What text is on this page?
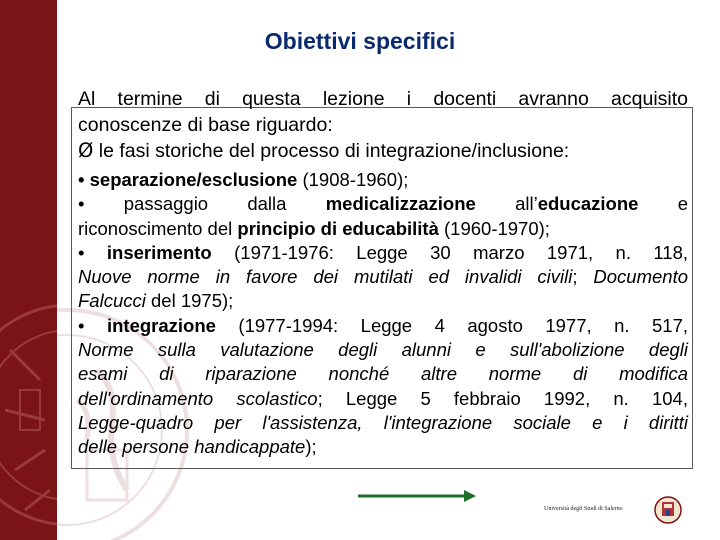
Obiettivi specifici
Al termine di questa lezione i docenti avranno acquisito
conoscenze di base riguardo:
Ø le fasi storiche del processo di integrazione/inclusione:
• separazione/esclusione (1908-1960);
• passaggio dalla medicalizzazione all’educazione e
riconoscimento del principio di educabilità (1960-1970);
• inserimento (1971-1976: Legge 30 marzo 1971, n. 118,
Nuove norme in favore dei mutilati ed invalidi civili; Documento
Falcucci del 1975);
• integrazione (1977-1994: Legge 4 agosto 1977, n. 517,
Norme sulla valutazione degli alunni e sull'abolizione degli
esami di riparazione nonché altre norme di modifica
dell'ordinamento scolastico; Legge 5 febbraio 1992, n. 104,
Legge-quadro per l'assistenza, l'integrazione sociale e i diritti
delle persone handicappate);
Università degli Studi di Salerno
